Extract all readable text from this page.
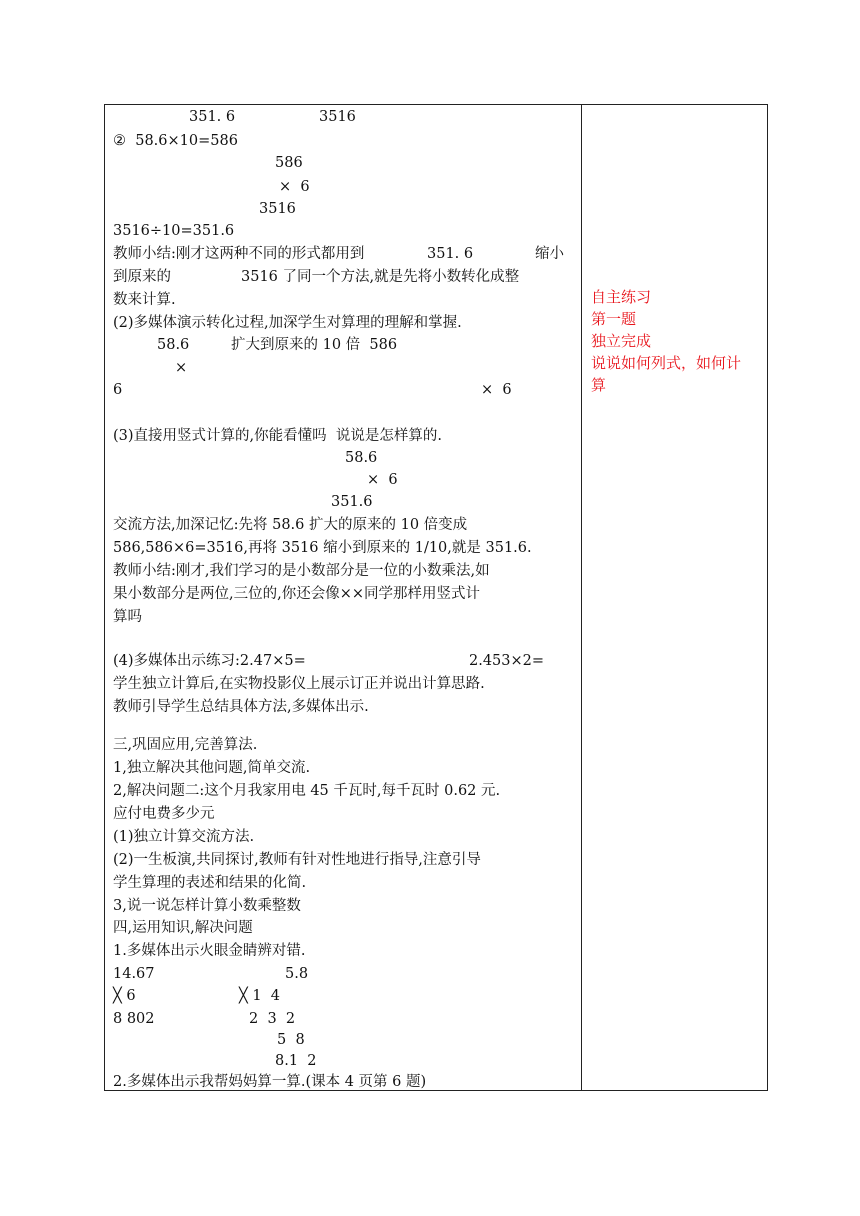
351. 6	3516
②  58.6×10=586
586
×  6
3516
3516÷10=351.6
教师小结:刚才这两种不同的形式都用到	351. 6	缩小
到原来的	3516 了同一个方法,就是先将小数转化成整
数来计算.
(2)多媒体演示转化过程,加深学生对算理的理解和掌握.
58.6	扩大到原来的 10 倍  586
×
6	×  6
(3)直接用竖式计算的,你能看懂吗  说说是怎样算的.
58.6
×  6
351.6
交流方法,加深记忆:先将 58.6 扩大的原来的 10 倍变成
586,586×6=3516,再将 3516 缩小到原来的 1/10,就是 351.6.
教师小结:刚才,我们学习的是小数部分是一位的小数乘法,如
果小数部分是两位,三位的,你还会像××同学那样用竖式计
算吗
(4)多媒体出示练习:2.47×5=	2.453×2=
学生独立计算后,在实物投影仪上展示订正并说出计算思路.
教师引导学生总结具体方法,多媒体出示.
三,巩固应用,完善算法.
1,独立解决其他问题,简单交流.
2,解决问题二:这个月我家用电 45 千瓦时,每千瓦时 0.62 元.
应付电费多少元
(1)独立计算交流方法.
(2)一生板演,共同探讨,教师有针对性地进行指导,注意引导
学生算理的表述和结果的化简.
3,说一说怎样计算小数乘整数
四,运用知识,解决问题
1.多媒体出示火眼金睛辨对错.
14.67	5.8
╳ 6	╳ 1  4
8 802	2  3  2
5  8
8.1  2
2.多媒体出示我帮妈妈算一算.(课本 4 页第 6 题)
自主练习
第一题
独立完成
说说如何列式，如何计
算
